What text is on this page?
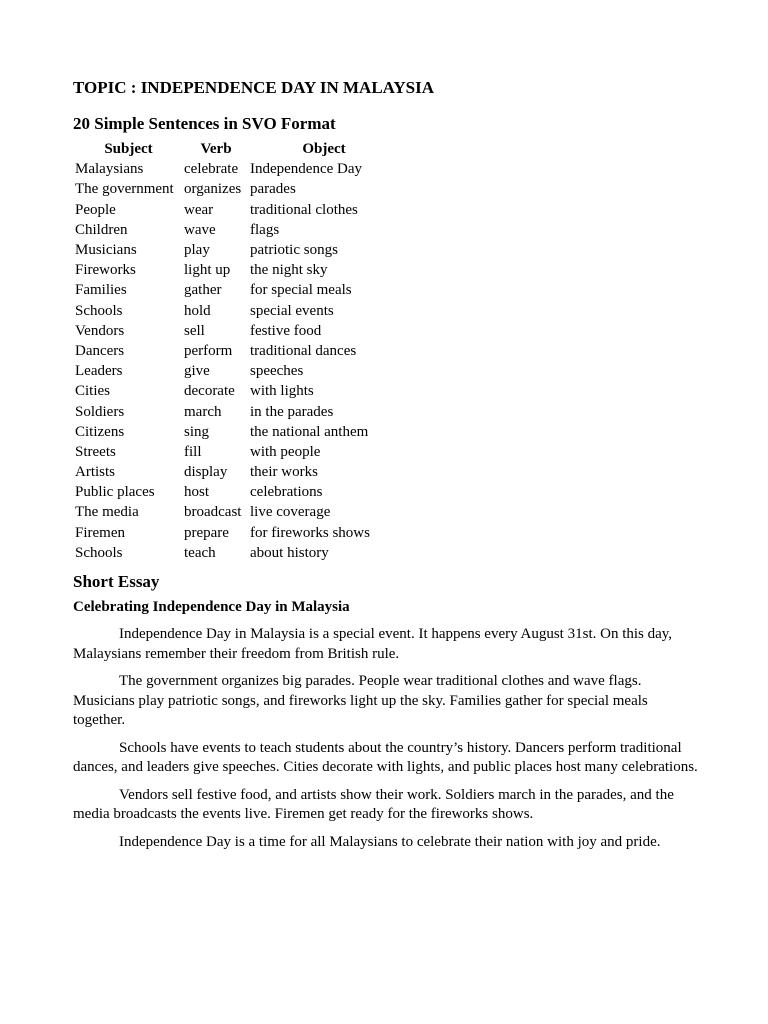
TOPIC : INDEPENDENCE DAY IN MALAYSIA
20 Simple Sentences in SVO Format
Subject	Verb	Object
Malaysians	celebrate	Independence Day
The government	organizes	parades
People	wear	traditional clothes
Children	wave	flags
Musicians	play	patriotic songs
Fireworks	light up	the night sky
Families	gather	for special meals
Schools	hold	special events
Vendors	sell	festive food
Dancers	perform	traditional dances
Leaders	give	speeches
Cities	decorate	with lights
Soldiers	march	in the parades
Citizens	sing	the national anthem
Streets	fill	with people
Artists	display	their works
Public places	host	celebrations
The media	broadcast	live coverage
Firemen	prepare	for fireworks shows
Schools	teach	about history
Short Essay
Celebrating Independence Day in Malaysia

Independence Day in Malaysia is a special event. It happens every August 31st. On this day, Malaysians remember their freedom from British rule.

The government organizes big parades. People wear traditional clothes and wave flags. Musicians play patriotic songs, and fireworks light up the sky. Families gather for special meals together.

Schools have events to teach students about the country’s history. Dancers perform traditional dances, and leaders give speeches. Cities decorate with lights, and public places host many celebrations.

Vendors sell festive food, and artists show their work. Soldiers march in the parades, and the media broadcasts the events live. Firemen get ready for the fireworks shows.

Independence Day is a time for all Malaysians to celebrate their nation with joy and pride.
